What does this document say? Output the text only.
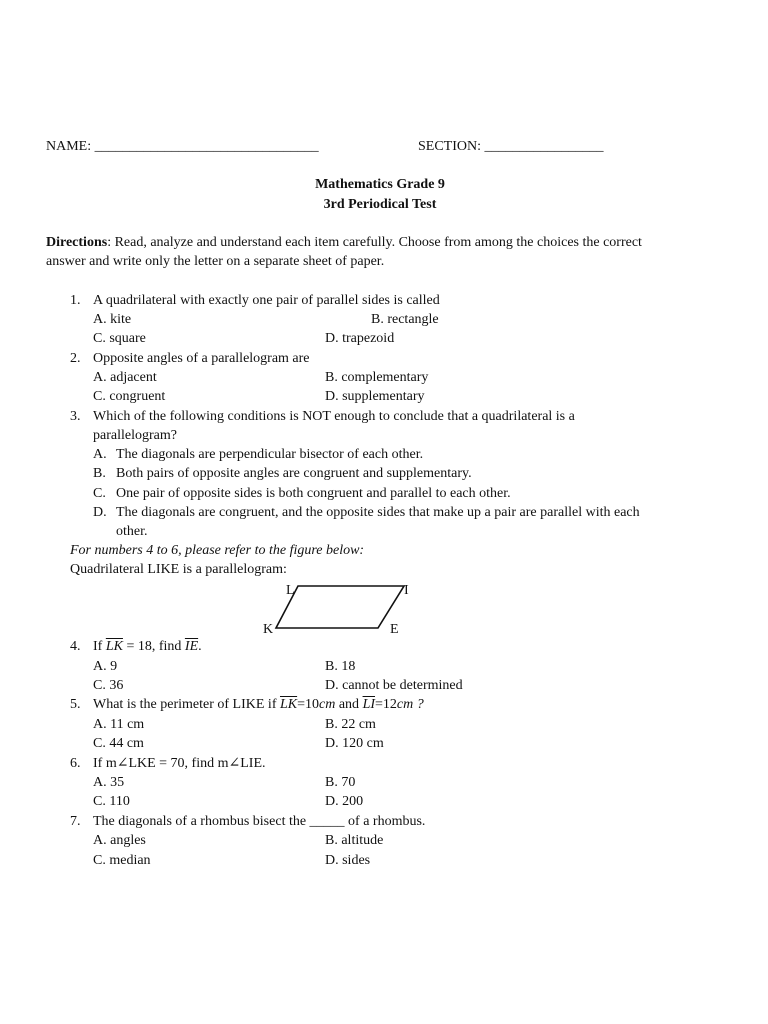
NAME: ________________________________	SECTION: _________________
Mathematics Grade 9
3rd Periodical Test
Directions: Read, analyze and understand each item carefully. Choose from among the choices the correct
answer and write only the letter on a separate sheet of paper.
1. A quadrilateral with exactly one pair of parallel sides is called
A. kite	B. rectangle
C. square	D. trapezoid
2. Opposite angles of a parallelogram are
A. adjacent	B. complementary
C. congruent	D. supplementary
3. Which of the following conditions is NOT enough to conclude that a quadrilateral is a
parallelogram?
A. The diagonals are perpendicular bisector of each other.
B. Both pairs of opposite angles are congruent and supplementary.
C. One pair of opposite sides is both congruent and parallel to each other.
D. The diagonals are congruent, and the opposite sides that make up a pair are parallel with each
other.
For numbers 4 to 6, please refer to the figure below:
Quadrilateral LIKE is a parallelogram:
L	I
K	E
4. If $\overline{LK} = 18$, find $\overline{IE}$.
A. 9	B. 18
C. 36	D. cannot be determined
5. What is the perimeter of LIKE if $\overline{LK}=10cm$ and $\overline{LI}=12cm$ ?
A. 11 cm	B. 22 cm
C. 44 cm	D. 120 cm
6. If m∠LKE = 70, find m∠LIE.
A. 35	B. 70
C. 110	D. 200
7. The diagonals of a rhombus bisect the _____ of a rhombus.
A. angles	B. altitude
C. median	D. sides
